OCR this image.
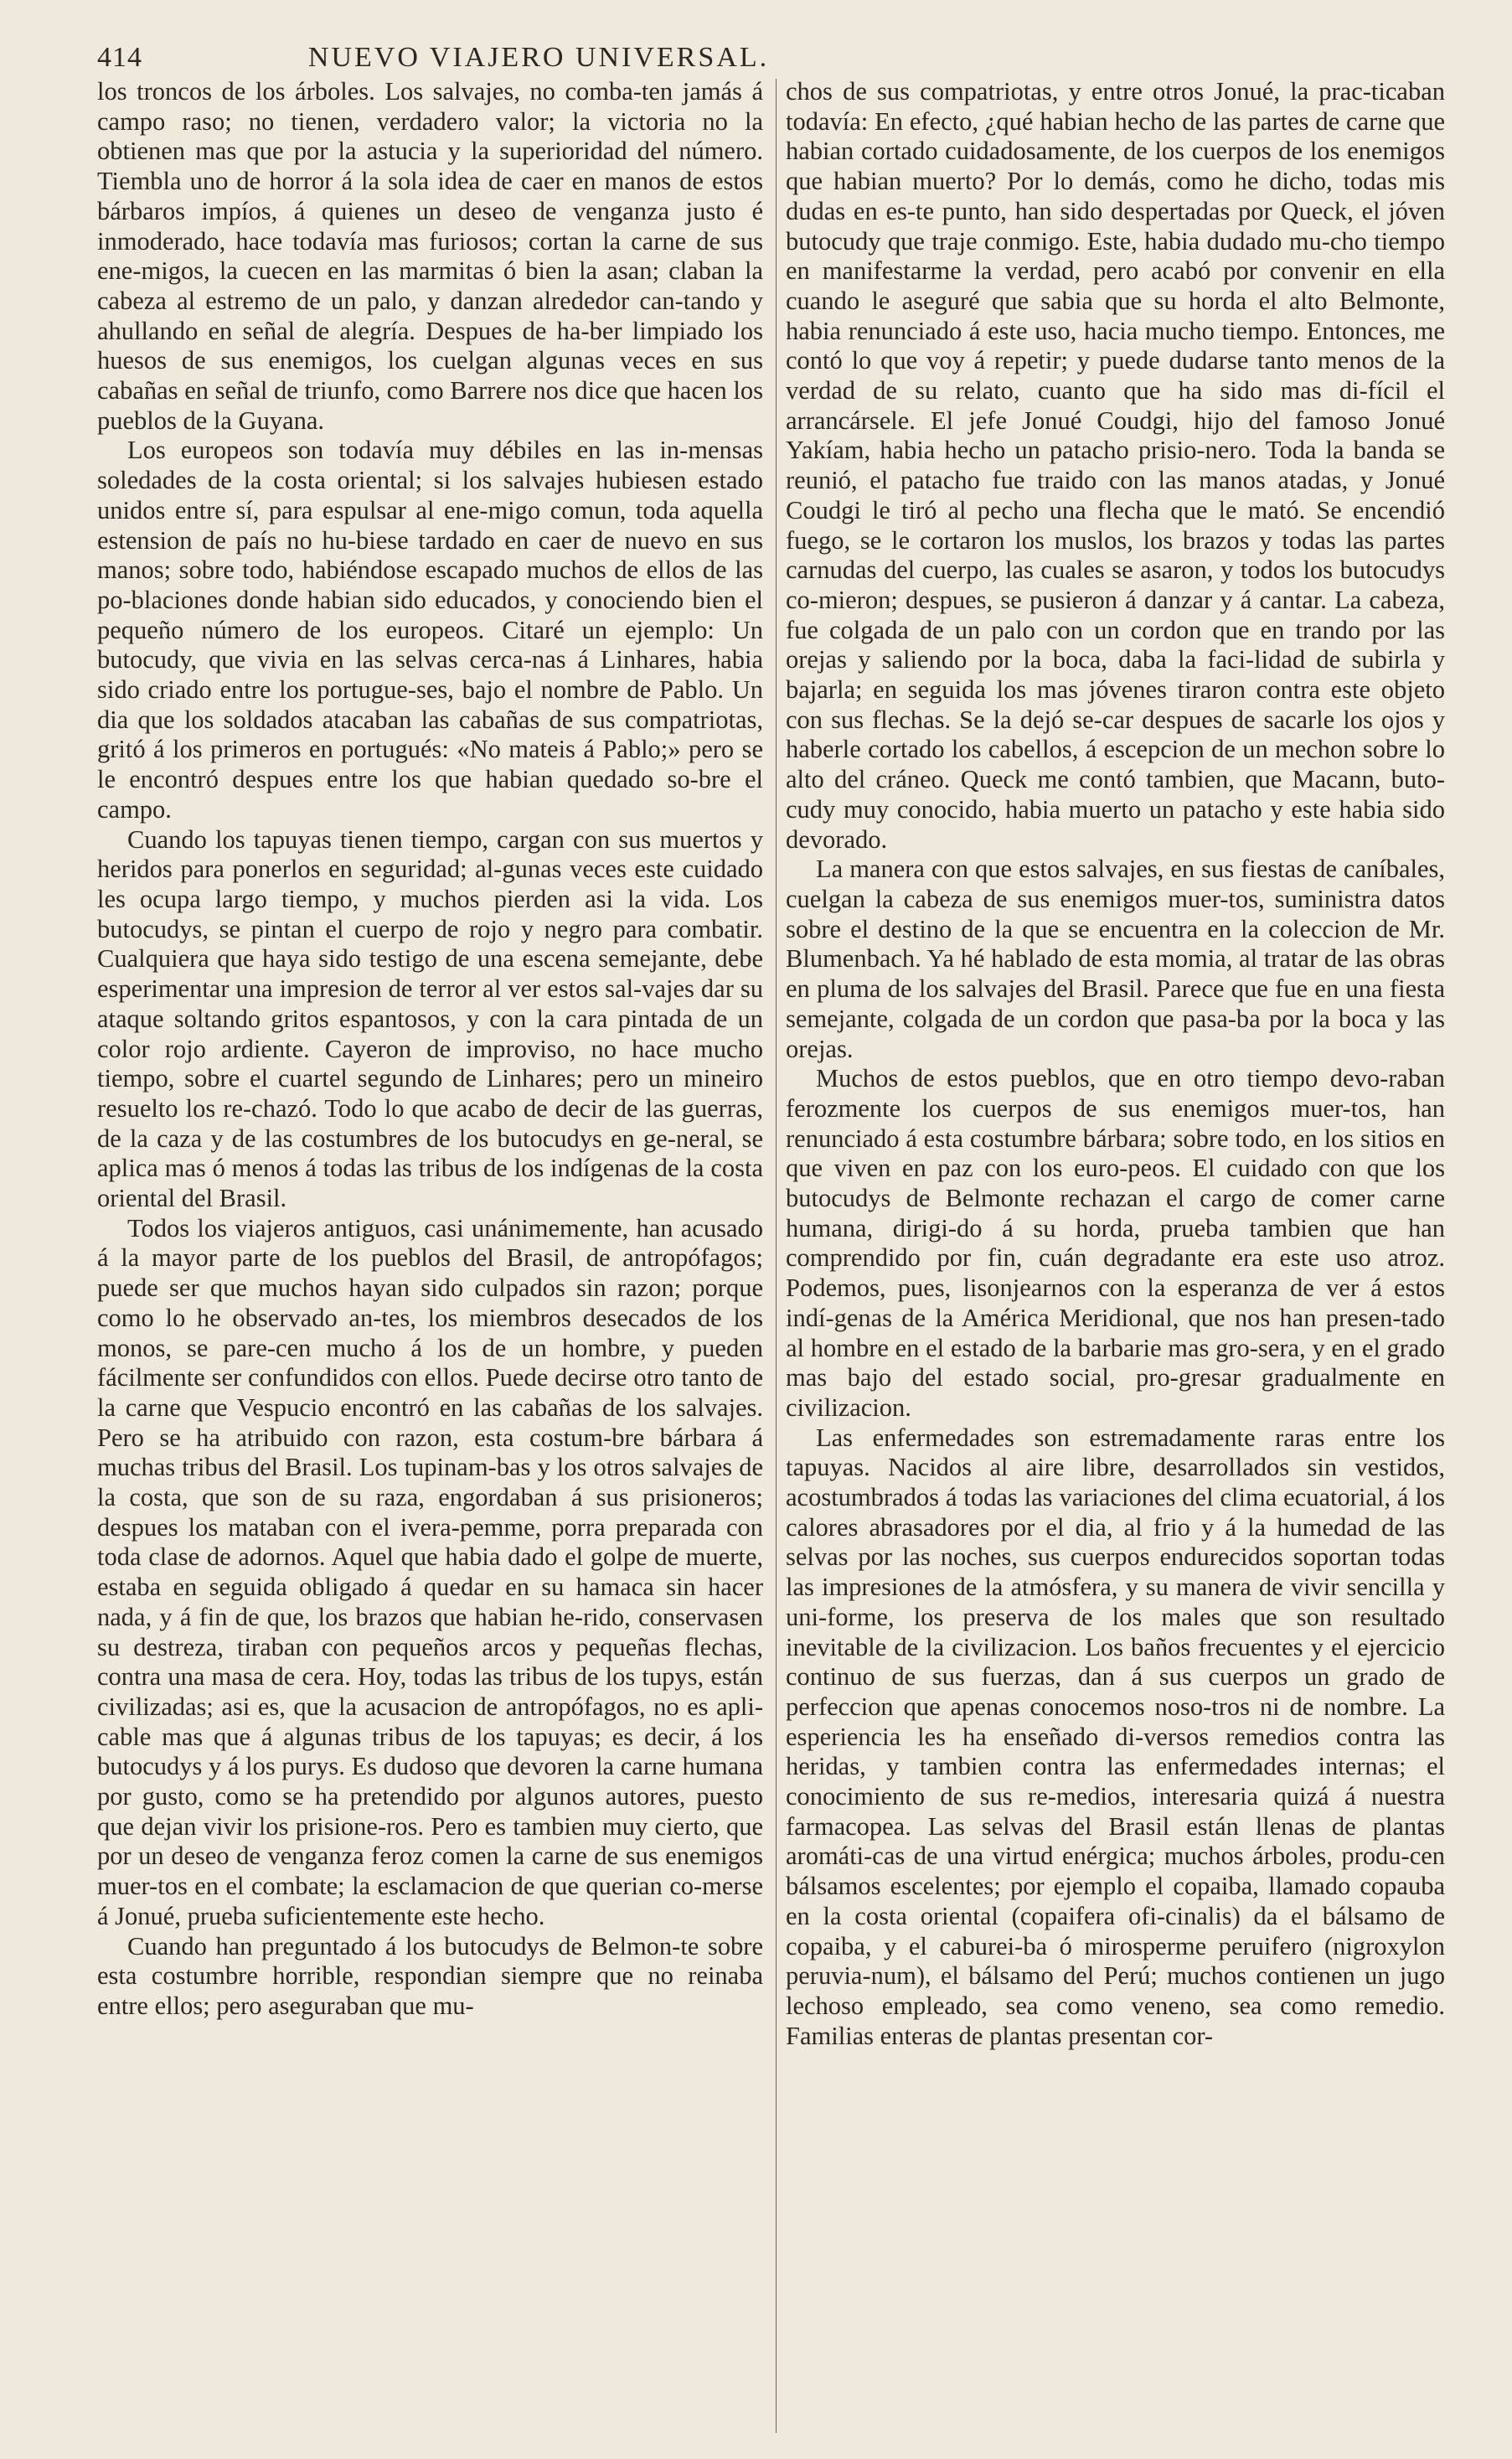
414	NUEVO VIAJERO UNIVERSAL.

los troncos de los árboles. Los salvajes, no comba-ten jamás á campo raso; no tienen, verdadero valor; la victoria no la obtienen mas que por la astucia y la superioridad del número. Tiembla uno de horror á la sola idea de caer en manos de estos bárbaros impíos, á quienes un deseo de venganza justo é inmoderado, hace todavía mas furiosos; cortan la carne de sus ene-migos, la cuecen en las marmitas ó bien la asan; claban la cabeza al estremo de un palo, y danzan alrededor can-tando y ahullando en señal de alegría. Despues de ha-ber limpiado los huesos de sus enemigos, los cuelgan algunas veces en sus cabañas en señal de triunfo, como Barrere nos dice que hacen los pueblos de la Guyana.

Los europeos son todavía muy débiles en las in-mensas soledades de la costa oriental; si los salvajes hubiesen estado unidos entre sí, para espulsar al ene-migo comun, toda aquella estension de país no hu-biese tardado en caer de nuevo en sus manos; sobre todo, habiéndose escapado muchos de ellos de las po-blaciones donde habian sido educados, y conociendo bien el pequeño número de los europeos. Citaré un ejemplo: Un butocudy, que vivia en las selvas cerca-nas á Linhares, habia sido criado entre los portugue-ses, bajo el nombre de Pablo. Un dia que los soldados atacaban las cabañas de sus compatriotas, gritó á los primeros en portugués: «No mateis á Pablo;» pero se le encontró despues entre los que habian quedado so-bre el campo.

Cuando los tapuyas tienen tiempo, cargan con sus muertos y heridos para ponerlos en seguridad; al-gunas veces este cuidado les ocupa largo tiempo, y muchos pierden asi la vida. Los butocudys, se pintan el cuerpo de rojo y negro para combatir. Cualquiera que haya sido testigo de una escena semejante, debe esperimentar una impresion de terror al ver estos sal-vajes dar su ataque soltando gritos espantosos, y con la cara pintada de un color rojo ardiente. Cayeron de improviso, no hace mucho tiempo, sobre el cuartel segundo de Linhares; pero un mineiro resuelto los re-chazó. Todo lo que acabo de decir de las guerras, de la caza y de las costumbres de los butocudys en ge-neral, se aplica mas ó menos á todas las tribus de los indígenas de la costa oriental del Brasil.

Todos los viajeros antiguos, casi unánimemente, han acusado á la mayor parte de los pueblos del Brasil, de antropófagos; puede ser que muchos hayan sido culpados sin razon; porque como lo he observado an-tes, los miembros desecados de los monos, se pare-cen mucho á los de un hombre, y pueden fácilmente ser confundidos con ellos. Puede decirse otro tanto de la carne que Vespucio encontró en las cabañas de los salvajes. Pero se ha atribuido con razon, esta costum-bre bárbara á muchas tribus del Brasil. Los tupinam-bas y los otros salvajes de la costa, que son de su raza, engordaban á sus prisioneros; despues los mataban con el ivera-pemme, porra preparada con toda clase de adornos. Aquel que habia dado el golpe de muerte, estaba en seguida obligado á quedar en su hamaca sin hacer nada, y á fin de que, los brazos que habian he-rido, conservasen su destreza, tiraban con pequeños arcos y pequeñas flechas, contra una masa de cera. Hoy, todas las tribus de los tupys, están civilizadas; asi es, que la acusacion de antropófagos, no es apli-cable mas que á algunas tribus de los tapuyas; es decir, á los butocudys y á los purys. Es dudoso que devoren la carne humana por gusto, como se ha pretendido por algunos autores, puesto que dejan vivir los prisione-ros. Pero es tambien muy cierto, que por un deseo de venganza feroz comen la carne de sus enemigos muer-tos en el combate; la esclamacion de que querian co-merse á Jonué, prueba suficientemente este hecho.

Cuando han preguntado á los butocudys de Belmon-te sobre esta costumbre horrible, respondian siempre que no reinaba entre ellos; pero aseguraban que mu-

chos de sus compatriotas, y entre otros Jonué, la prac-ticaban todavía: En efecto, ¿qué habian hecho de las partes de carne que habian cortado cuidadosamente, de los cuerpos de los enemigos que habian muerto? Por lo demás, como he dicho, todas mis dudas en es-te punto, han sido despertadas por Queck, el jóven butocudy que traje conmigo. Este, habia dudado mu-cho tiempo en manifestarme la verdad, pero acabó por convenir en ella cuando le aseguré que sabia que su horda el alto Belmonte, habia renunciado á este uso, hacia mucho tiempo. Entonces, me contó lo que voy á repetir; y puede dudarse tanto menos de la verdad de su relato, cuanto que ha sido mas di-fícil el arrancársele. El jefe Jonué Coudgi, hijo del famoso Jonué Yakíam, habia hecho un patacho prisio-nero. Toda la banda se reunió, el patacho fue traido con las manos atadas, y Jonué Coudgi le tiró al pecho una flecha que le mató. Se encendió fuego, se le cortaron los muslos, los brazos y todas las partes carnudas del cuerpo, las cuales se asaron, y todos los butocudys co-mieron; despues, se pusieron á danzar y á cantar. La cabeza, fue colgada de un palo con un cordon que en trando por las orejas y saliendo por la boca, daba la faci-lidad de subirla y bajarla; en seguida los mas jóvenes tiraron contra este objeto con sus flechas. Se la dejó se-car despues de sacarle los ojos y haberle cortado los cabellos, á escepcion de un mechon sobre lo alto del cráneo. Queck me contó tambien, que Macann, buto-cudy muy conocido, habia muerto un patacho y este habia sido devorado.

La manera con que estos salvajes, en sus fiestas de caníbales, cuelgan la cabeza de sus enemigos muer-tos, suministra datos sobre el destino de la que se encuentra en la coleccion de Mr. Blumenbach. Ya hé hablado de esta momia, al tratar de las obras en pluma de los salvajes del Brasil. Parece que fue en una fiesta semejante, colgada de un cordon que pasa-ba por la boca y las orejas.

Muchos de estos pueblos, que en otro tiempo devo-raban ferozmente los cuerpos de sus enemigos muer-tos, han renunciado á esta costumbre bárbara; sobre todo, en los sitios en que viven en paz con los euro-peos. El cuidado con que los butocudys de Belmonte rechazan el cargo de comer carne humana, dirigi-do á su horda, prueba tambien que han comprendido por fin, cuán degradante era este uso atroz. Podemos, pues, lisonjearnos con la esperanza de ver á estos indí-genas de la América Meridional, que nos han presen-tado al hombre en el estado de la barbarie mas gro-sera, y en el grado mas bajo del estado social, pro-gresar gradualmente en civilizacion.

Las enfermedades son estremadamente raras entre los tapuyas. Nacidos al aire libre, desarrollados sin vestidos, acostumbrados á todas las variaciones del clima ecuatorial, á los calores abrasadores por el dia, al frio y á la humedad de las selvas por las noches, sus cuerpos endurecidos soportan todas las impresiones de la atmósfera, y su manera de vivir sencilla y uni-forme, los preserva de los males que son resultado inevitable de la civilizacion. Los baños frecuentes y el ejercicio continuo de sus fuerzas, dan á sus cuerpos un grado de perfeccion que apenas conocemos noso-tros ni de nombre. La esperiencia les ha enseñado di-versos remedios contra las heridas, y tambien contra las enfermedades internas; el conocimiento de sus re-medios, interesaria quizá á nuestra farmacopea. Las selvas del Brasil están llenas de plantas aromáti-cas de una virtud enérgica; muchos árboles, produ-cen bálsamos escelentes; por ejemplo el copaiba, llamado copauba en la costa oriental (copaifera ofi-cinalis) da el bálsamo de copaiba, y el caburei-ba ó mirosperme peruifero (nigroxylon peruvia-num), el bálsamo del Perú; muchos contienen un jugo lechoso empleado, sea como veneno, sea como remedio. Familias enteras de plantas presentan cor-
